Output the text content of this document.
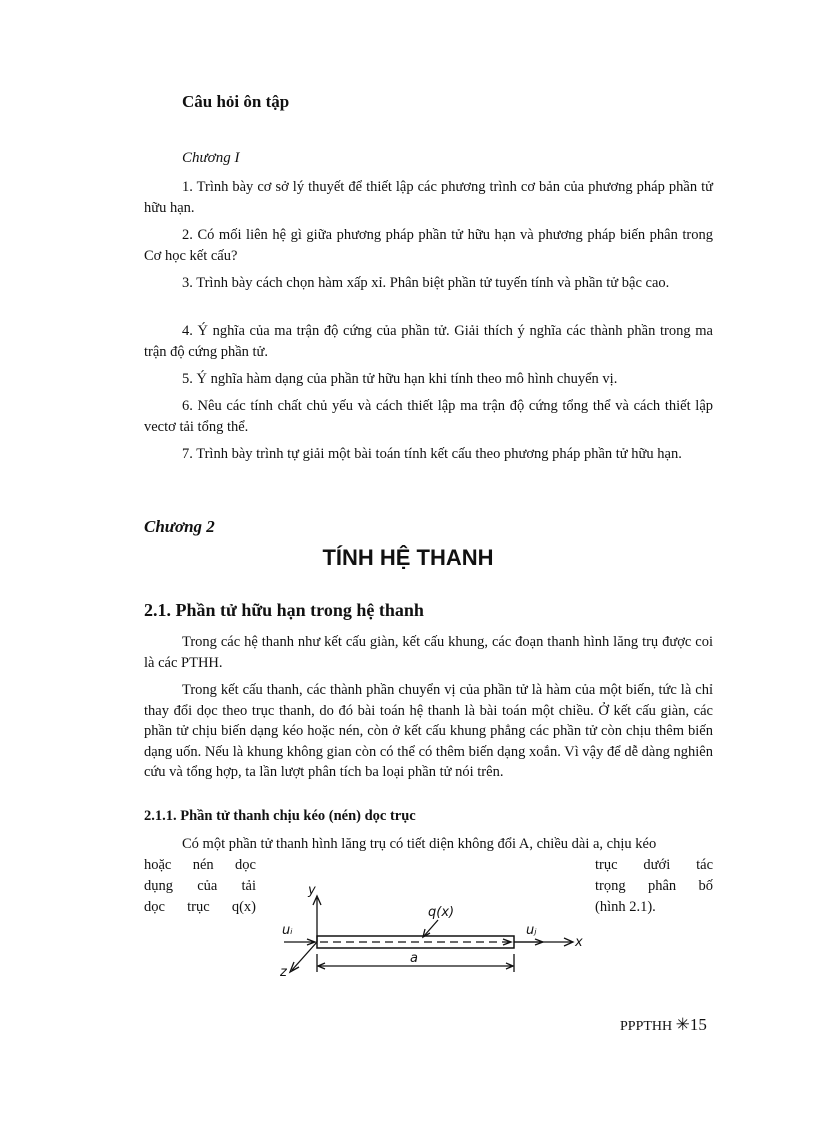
Câu hỏi ôn tập
Chương I
1. Trình bày cơ sở lý thuyết để thiết lập các phương trình cơ bản của phương pháp phần tử hữu hạn.
2. Có mối liên hệ gì giữa phương pháp phần tử hữu hạn và phương pháp biến phân trong Cơ học kết cấu?
3. Trình bày cách chọn hàm xấp xỉ. Phân biệt phần tử tuyến tính và phần tử bậc cao.
4. Ý nghĩa của ma trận độ cứng của phần tử. Giải thích ý nghĩa các thành phần trong ma trận độ cứng phần tử.
5. Ý nghĩa hàm dạng của phần tử hữu hạn khi tính theo mô hình chuyển vị.
6. Nêu các tính chất chủ yếu và cách thiết lập ma trận độ cứng tổng thể và cách thiết lập vectơ tải tổng thể.
7. Trình bày trình tự giải một bài toán tính kết cấu theo phương pháp phần tử hữu hạn.
Chương 2
TÍNH HỆ THANH
2.1. Phần tử hữu hạn trong hệ thanh
Trong các hệ thanh như kết cấu giàn, kết cấu khung, các đoạn thanh hình lăng trụ được coi là các PTHH.
Trong kết cấu thanh, các thành phần chuyển vị của phần tử là hàm của một biến, tức là chỉ thay đổi dọc theo trục thanh, do đó bài toán hệ thanh là bài toán một chiều. Ở kết cấu giàn, các phần tử chịu biến dạng kéo hoặc nén, còn ở kết cấu khung phẳng các phần tử còn chịu thêm biến dạng uốn. Nếu là khung không gian còn có thể có thêm biến dạng xoắn. Vì vậy để dễ dàng nghiên cứu và tổng hợp, ta lần lượt phân tích ba loại phần tử nói trên.
2.1.1. Phần tử thanh chịu kéo (nén) dọc trục
Có một phần tử thanh hình lăng trụ có tiết diện không đổi A, chiều dài a, chịu kéo
hoặc nén dọc
dụng của tải
dọc trục q(x)
trục dưới tác
trọng phân bố
(hình 2.1).
y
z
x
uᵢ	uⱼ
q(x)
a
PPPTHH ✳15
